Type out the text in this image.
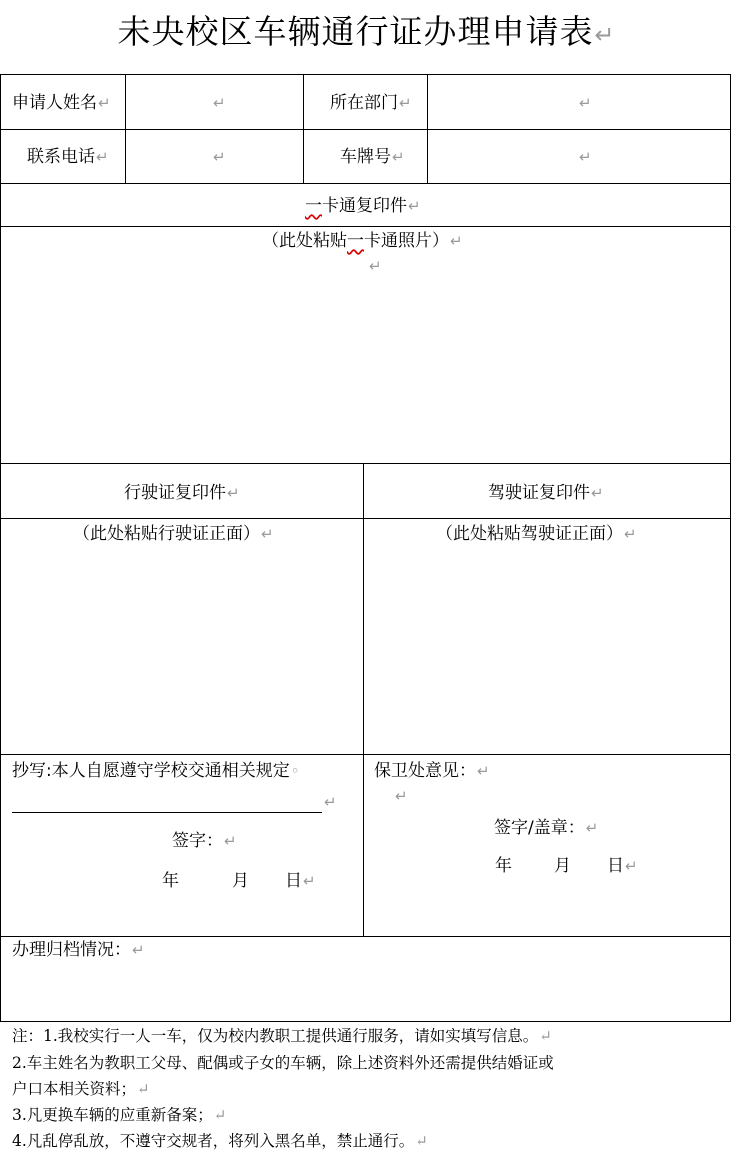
未央校区车辆通行证办理申请表↵
申请人姓名↵	↵	所在部门↵	↵
联系电话↵	↵	车牌号↵	↵
一卡通复印件↵
（此处粘贴一卡通照片）↵
↵
行驶证复印件↵	驾驶证复印件↵
（此处粘贴行驶证正面）↵	（此处粘贴驾驶证正面）↵
抄写:本人自愿遵守学校交通相关规定◦
↵
签字：↵
年	月 日↵
保卫处意见：↵
↵
签字/盖章：↵
年 月 日↵
办理归档情况：↵
注：1.我校实行一人一车，仅为校内教职工提供通行服务，请如实填写信息。↵
2.车主姓名为教职工父母、配偶或子女的车辆，除上述资料外还需提供结婚证或
户口本相关资料；↵
3.凡更换车辆的应重新备案；↵
4.凡乱停乱放，不遵守交规者，将列入黑名单，禁止通行。↵
